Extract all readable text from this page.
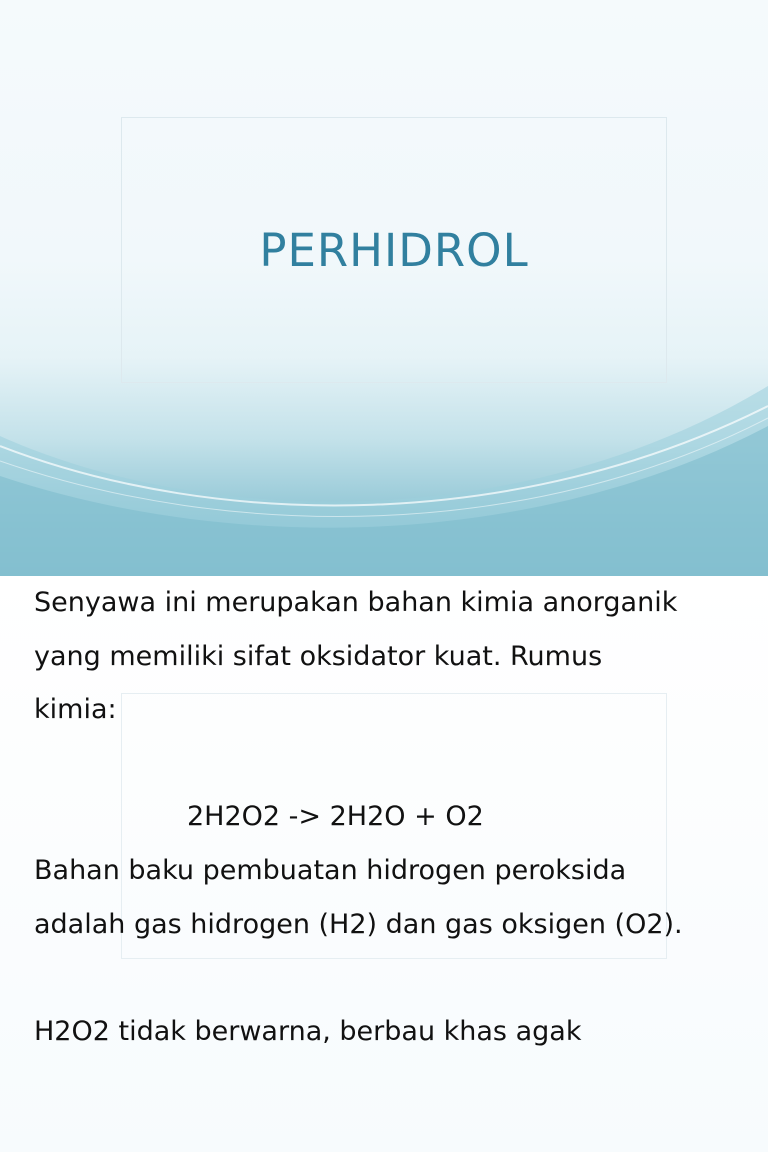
PERHIDROL
Senyawa ini merupakan bahan kimia anorganik
yang memiliki sifat oksidator kuat. Rumus
kimia:
2H2O2 -> 2H2O + O2
Bahan baku pembuatan hidrogen peroksida
adalah gas hidrogen (H2) dan gas oksigen (O2).
H2O2 tidak berwarna, berbau khas agak
